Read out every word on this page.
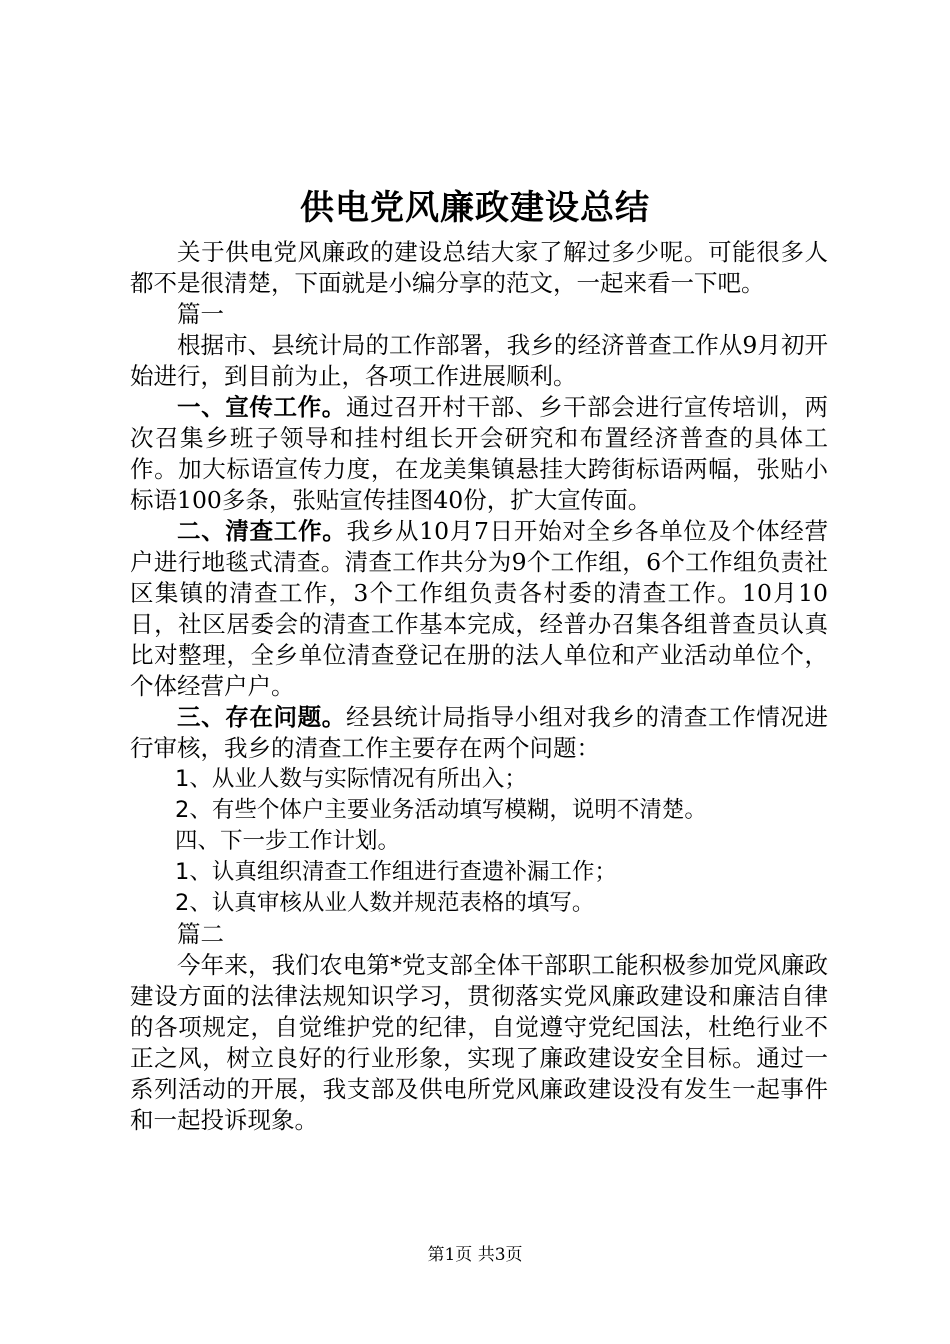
供电党风廉政建设总结

关于供电党风廉政的建设总结大家了解过多少呢。可能很多人都不是很清楚，下面就是小编分享的范文，一起来看一下吧。

篇一

根据市、县统计局的工作部署，我乡的经济普查工作从9月初开始进行，到目前为止，各项工作进展顺利。

一、宣传工作。通过召开村干部、乡干部会进行宣传培训，两次召集乡班子领导和挂村组长开会研究和布置经济普查的具体工作。加大标语宣传力度，在龙美集镇悬挂大跨街标语两幅，张贴小标语100多条，张贴宣传挂图40份，扩大宣传面。

二、清查工作。我乡从10月7日开始对全乡各单位及个体经营户进行地毯式清查。清查工作共分为9个工作组，6个工作组负责社区集镇的清查工作，3个工作组负责各村委的清查工作。10月10日，社区居委会的清查工作基本完成，经普办召集各组普查员认真比对整理，全乡单位清查登记在册的法人单位和产业活动单位个，个体经营户户。

三、存在问题。经县统计局指导小组对我乡的清查工作情况进行审核，我乡的清查工作主要存在两个问题：

1、从业人数与实际情况有所出入；

2、有些个体户主要业务活动填写模糊，说明不清楚。

四、下一步工作计划。

1、认真组织清查工作组进行查遗补漏工作；

2、认真审核从业人数并规范表格的填写。

篇二

今年来，我们农电第*党支部全体干部职工能积极参加党风廉政建设方面的法律法规知识学习，贯彻落实党风廉政建设和廉洁自律的各项规定，自觉维护党的纪律，自觉遵守党纪国法，杜绝行业不正之风，树立良好的行业形象，实现了廉政建设安全目标。通过一系列活动的开展，我支部及供电所党风廉政建设没有发生一起事件和一起投诉现象。

第1页 共3页
